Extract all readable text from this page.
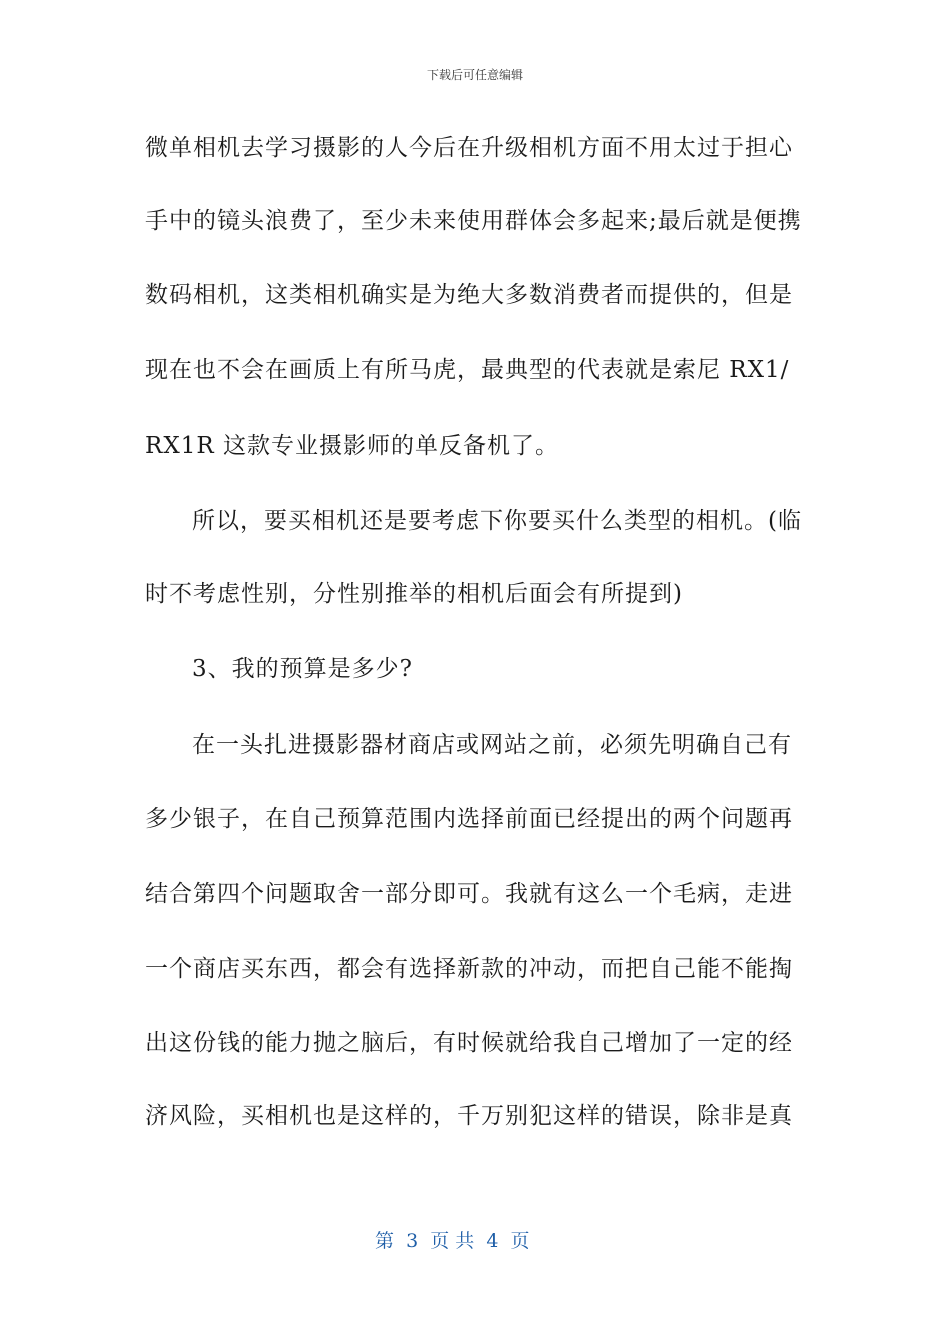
下载后可任意编辑
微单相机去学习摄影的人今后在升级相机方面不用太过于担心
手中的镜头浪费了，至少未来使用群体会多起来;最后就是便携
数码相机，这类相机确实是为绝大多数消费者而提供的，但是
现在也不会在画质上有所马虎，最典型的代表就是索尼 RX1/
RX1R 这款专业摄影师的单反备机了。
所以，要买相机还是要考虑下你要买什么类型的相机。(临
时不考虑性别，分性别推举的相机后面会有所提到)
3、我的预算是多少?
在一头扎进摄影器材商店或网站之前，必须先明确自己有
多少银子，在自己预算范围内选择前面已经提出的两个问题再
结合第四个问题取舍一部分即可。我就有这么一个毛病，走进
一个商店买东西，都会有选择新款的冲动，而把自己能不能掏
出这份钱的能力抛之脑后，有时候就给我自己增加了一定的经
济风险，买相机也是这样的，千万别犯这样的错误，除非是真
第  3  页 共  4  页
